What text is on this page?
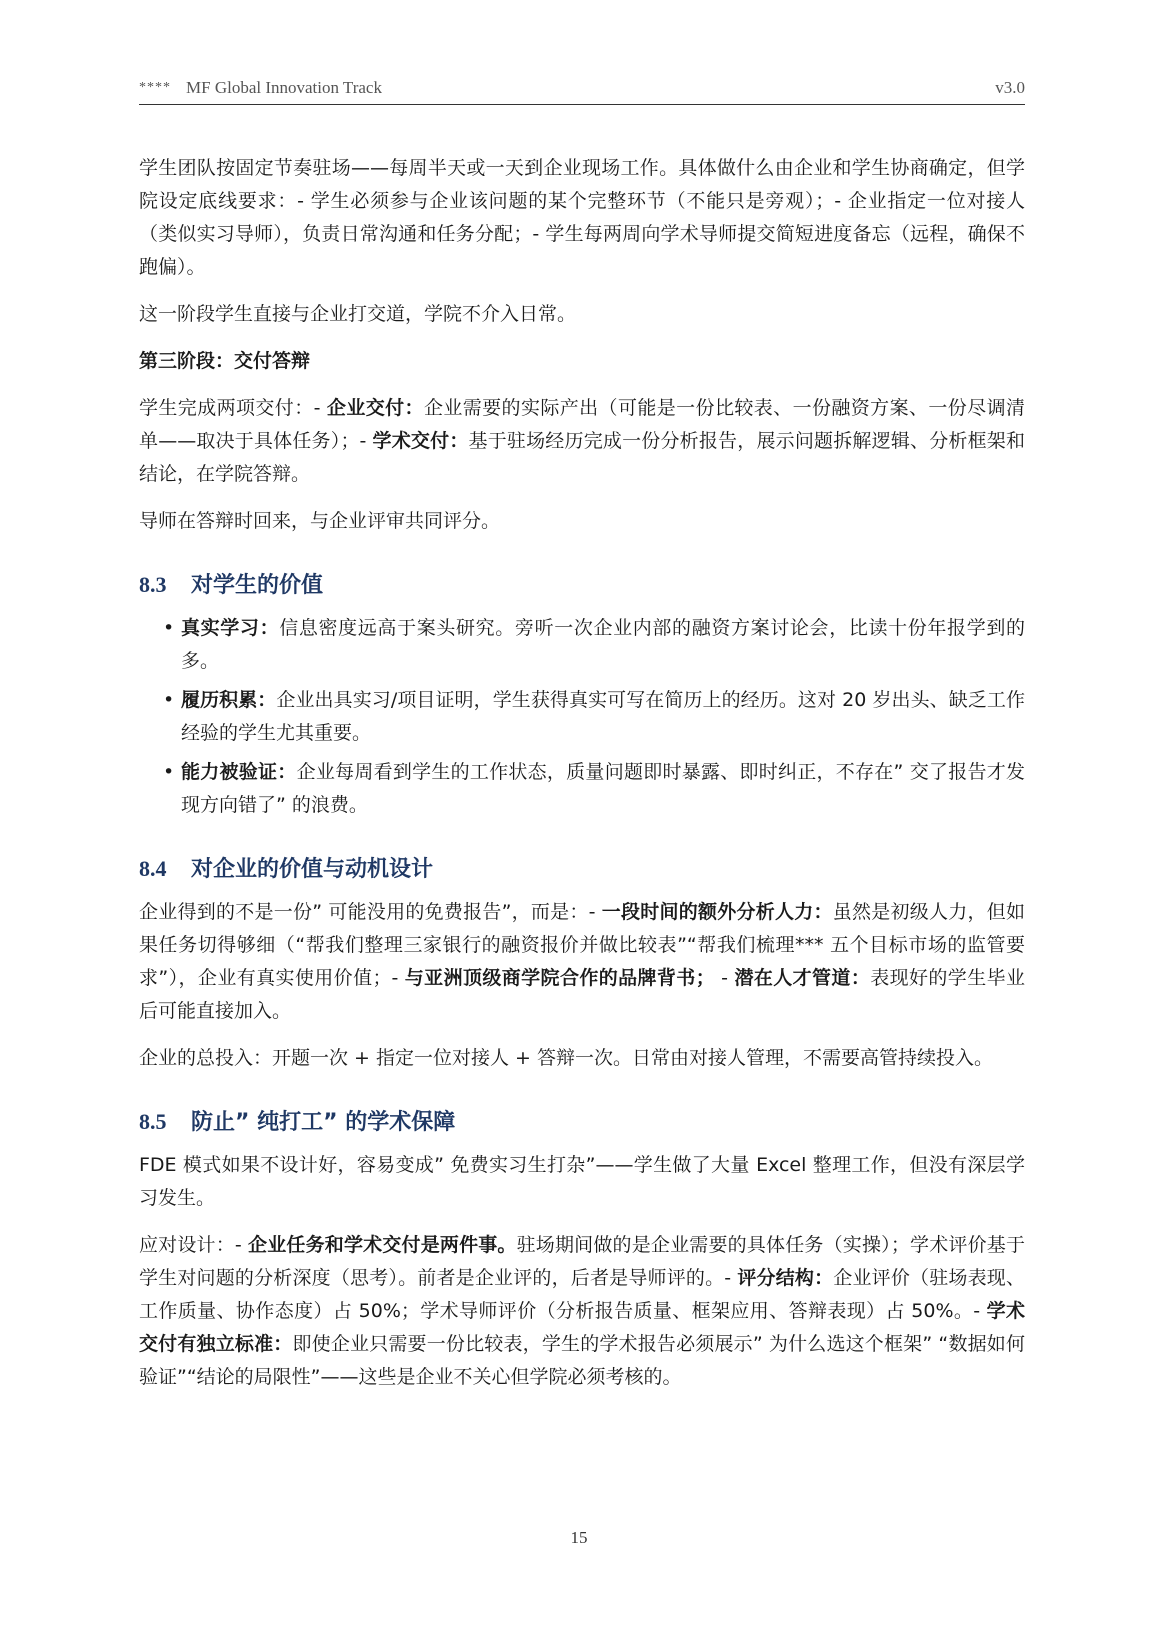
**** MF Global Innovation Track	v3.0

学生团队按固定节奏驻场——每周半天或一天到企业现场工作。具体做什么由企业和学生协商确定，但学院设定底线要求：- 学生必须参与企业该问题的某个完整环节（不能只是旁观）；- 企业指定一位对接人（类似实习导师），负责日常沟通和任务分配；- 学生每两周向学术导师提交简短进度备忘（远程，确保不跑偏）。

这一阶段学生直接与企业打交道，学院不介入日常。

第三阶段：交付答辩

学生完成两项交付：- 企业交付：企业需要的实际产出（可能是一份比较表、一份融资方案、一份尽调清单——取决于具体任务）；- 学术交付：基于驻场经历完成一份分析报告，展示问题拆解逻辑、分析框架和结论，在学院答辩。

导师在答辩时回来，与企业评审共同评分。

8.3 对学生的价值
• 真实学习：信息密度远高于案头研究。旁听一次企业内部的融资方案讨论会，比读十份年报学到的多。
• 履历积累：企业出具实习/项目证明，学生获得真实可写在简历上的经历。这对 20 岁出头、缺乏工作经验的学生尤其重要。
• 能力被验证：企业每周看到学生的工作状态，质量问题即时暴露、即时纠正，不存在” 交了报告才发现方向错了” 的浪费。
8.4 对企业的价值与动机设计

企业得到的不是一份” 可能没用的免费报告”，而是：- 一段时间的额外分析人力：虽然是初级人力，但如果任务切得够细（“帮我们整理三家银行的融资报价并做比较表”“帮我们梳理*** 五个目标市场的监管要求”），企业有真实使用价值；- 与亚洲顶级商学院合作的品牌背书； - 潜在人才管道：表现好的学生毕业后可能直接加入。

企业的总投入：开题一次 + 指定一位对接人 + 答辩一次。日常由对接人管理，不需要高管持续投入。

8.5 防止” 纯打工” 的学术保障

FDE 模式如果不设计好，容易变成” 免费实习生打杂”——学生做了大量 Excel 整理工作，但没有深层学习发生。

应对设计：- 企业任务和学术交付是两件事。驻场期间做的是企业需要的具体任务（实操）；学术评价基于学生对问题的分析深度（思考）。前者是企业评的，后者是导师评的。- 评分结构：企业评价（驻场表现、工作质量、协作态度）占 50%；学术导师评价（分析报告质量、框架应用、答辩表现）占 50%。- 学术交付有独立标准：即使企业只需要一份比较表，学生的学术报告必须展示” 为什么选这个框架” “数据如何验证”“结论的局限性”——这些是企业不关心但学院必须考核的。

15
